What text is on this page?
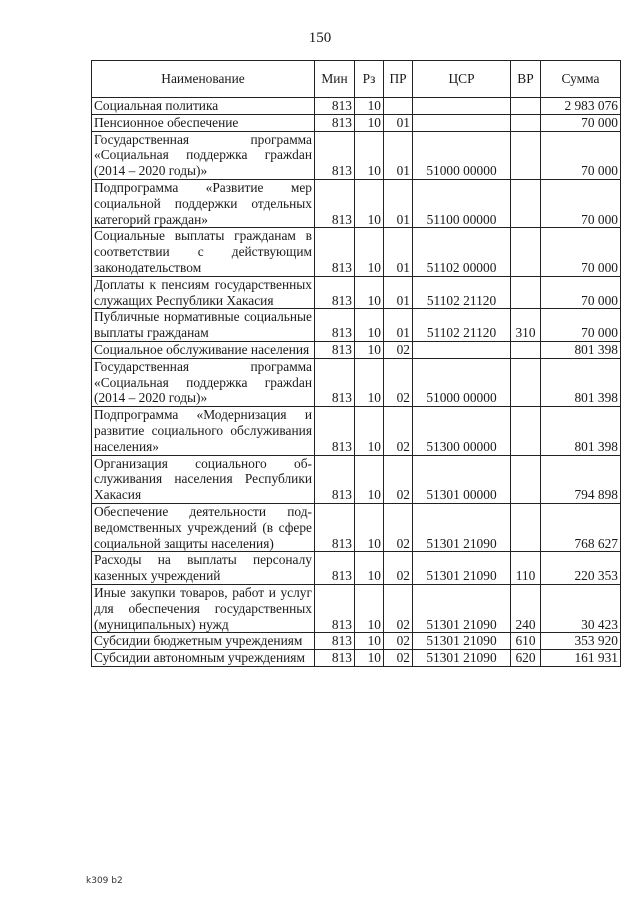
150
Наименование	Мин	Рз	ПР	ЦСР	ВР	Сумма
Социальная политика	813	10				2 983 076
Пенсионное обеспечение	813	10	01			70 000
Государственная программа «Социальная поддержка гражdан (2014 – 2020 годы)»	813	10	01	51000 00000		70 000
Подпрограмма «Развитие мер социальной поддержки отдельных категорий граждан»	813	10	01	51100 00000		70 000
Социальные выплаты гражданам в соответствии с действующим законодательством	813	10	01	51102 00000		70 000
Доплаты к пенсиям государственных служащих Республики Хакасия	813	10	01	51102 21120		70 000
Публичные нормативные социальные выплаты гражданам	813	10	01	51102 21120	310	70 000
Социальное обслуживание населения	813	10	02			801 398
Государственная программа «Социальная поддержка гражdан (2014 – 2020 годы)»	813	10	02	51000 00000		801 398
Подпрограмма «Модернизация и развитие социального обслуживания населения»	813	10	02	51300 00000		801 398
Организация социального обслуживания населения Республики Хакасия	813	10	02	51301 00000		794 898
Обеспечение деятельности подведомственных учреждений (в сфере социальной защиты населения)	813	10	02	51301 21090		768 627
Расходы на выплаты персоналу казенных учреждений	813	10	02	51301 21090	110	220 353
Иные закупки товаров, работ и услуг для обеспечения государственных (муниципальных) нужд	813	10	02	51301 21090	240	30 423
Субсидии бюджетным учреждениям	813	10	02	51301 21090	610	353 920
Субсидии автономным учреждениям	813	10	02	51301 21090	620	161 931
k309 b2
